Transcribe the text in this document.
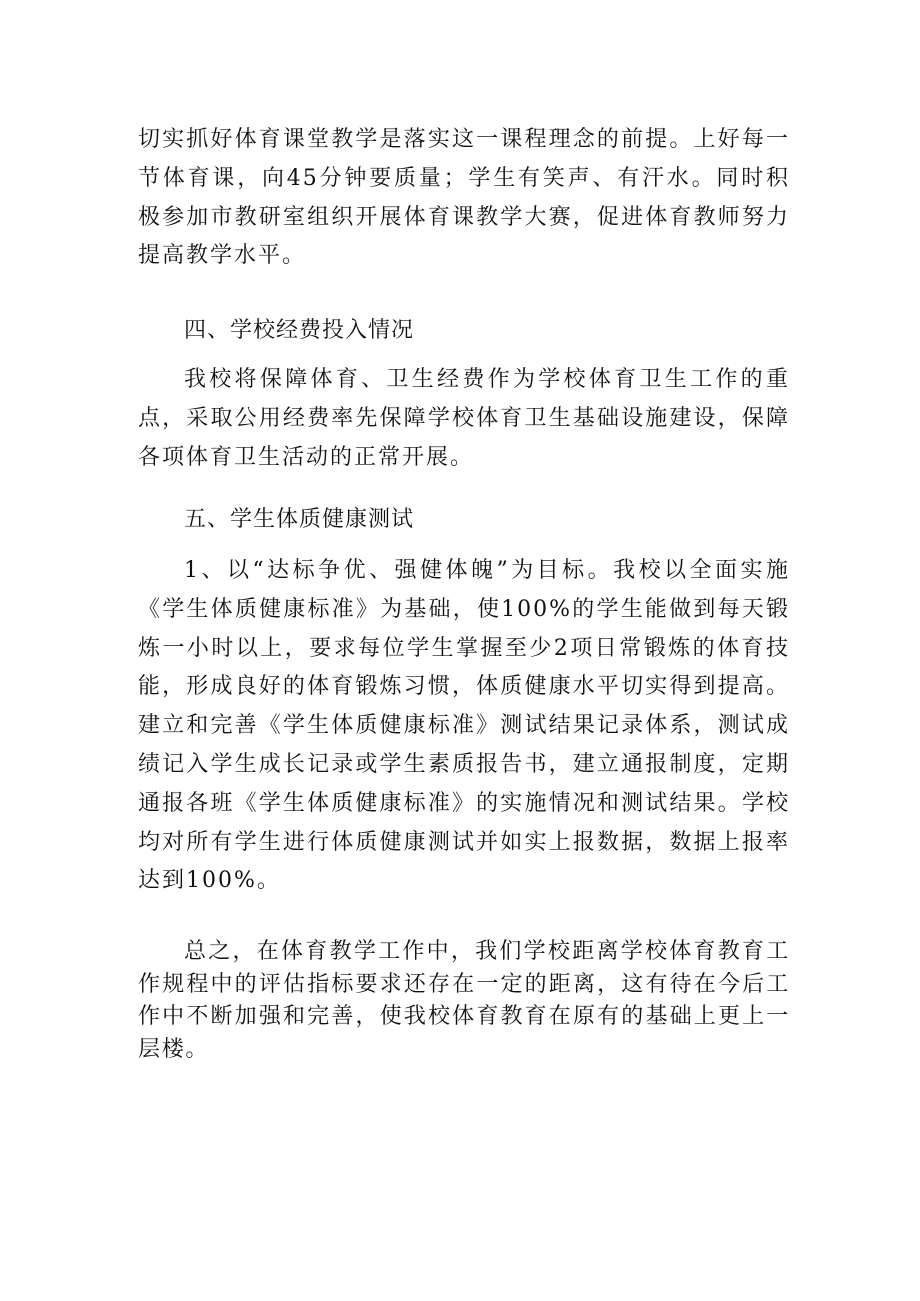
切实抓好体育课堂教学是落实这一课程理念的前提。上好每一节体育课，向45分钟要质量；学生有笑声、有汗水。同时积极参加市教研室组织开展体育课教学大赛，促进体育教师努力提高教学水平。

四、学校经费投入情况

我校将保障体育、卫生经费作为学校体育卫生工作的重点，采取公用经费率先保障学校体育卫生基础设施建设，保障各项体育卫生活动的正常开展。

五、学生体质健康测试

1、以“达标争优、强健体魄”为目标。我校以全面实施《学生体质健康标准》为基础，使100%的学生能做到每天锻炼一小时以上，要求每位学生掌握至少2项日常锻炼的体育技能，形成良好的体育锻炼习惯，体质健康水平切实得到提高。建立和完善《学生体质健康标准》测试结果记录体系，测试成绩记入学生成长记录或学生素质报告书，建立通报制度，定期通报各班《学生体质健康标准》的实施情况和测试结果。学校均对所有学生进行体质健康测试并如实上报数据，数据上报率达到100%。

总之，在体育教学工作中，我们学校距离学校体育教育工作规程中的评估指标要求还存在一定的距离，这有待在今后工作中不断加强和完善，使我校体育教育在原有的基础上更上一层楼。
